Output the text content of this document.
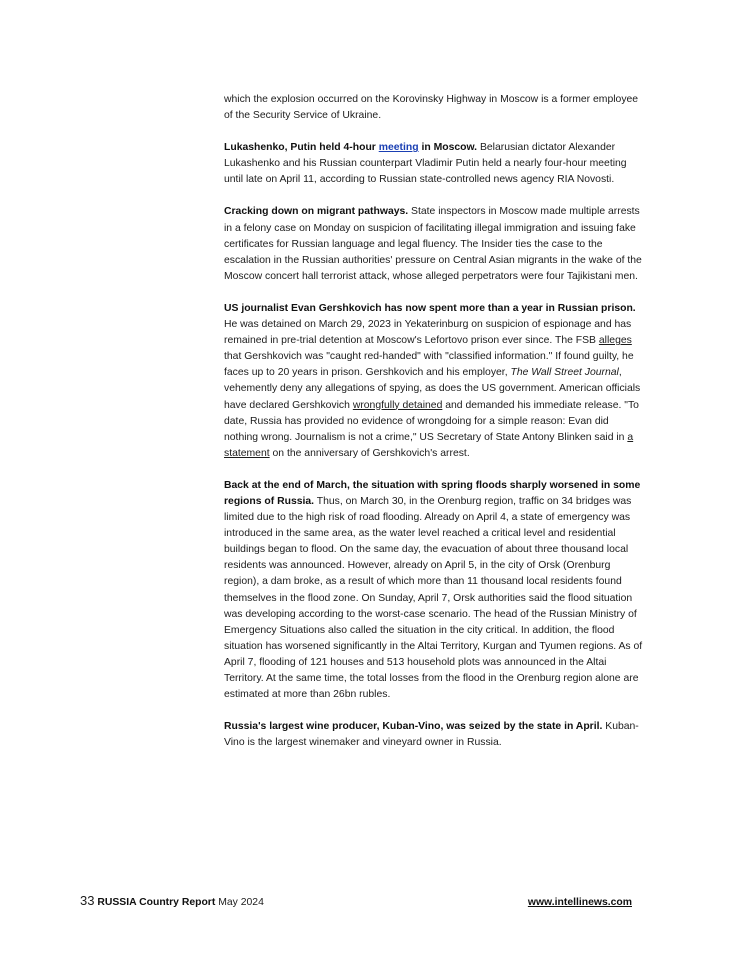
which the explosion occurred on the Korovinsky Highway in Moscow is a former employee of the Security Service of Ukraine.

Lukashenko, Putin held 4-hour meeting in Moscow. Belarusian dictator Alexander Lukashenko and his Russian counterpart Vladimir Putin held a nearly four-hour meeting until late on April 11, according to Russian state-controlled news agency RIA Novosti.

Cracking down on migrant pathways. State inspectors in Moscow made multiple arrests in a felony case on Monday on suspicion of facilitating illegal immigration and issuing fake certificates for Russian language and legal fluency. The Insider ties the case to the escalation in the Russian authorities' pressure on Central Asian migrants in the wake of the Moscow concert hall terrorist attack, whose alleged perpetrators were four Tajikistani men.

US journalist Evan Gershkovich has now spent more than a year in Russian prison. He was detained on March 29, 2023 in Yekaterinburg on suspicion of espionage and has remained in pre-trial detention at Moscow's Lefortovo prison ever since. The FSB alleges that Gershkovich was "caught red-handed" with "classified information." If found guilty, he faces up to 20 years in prison. Gershkovich and his employer, The Wall Street Journal, vehemently deny any allegations of spying, as does the US government. American officials have declared Gershkovich wrongfully detained and demanded his immediate release. "To date, Russia has provided no evidence of wrongdoing for a simple reason: Evan did nothing wrong. Journalism is not a crime," US Secretary of State Antony Blinken said in a statement on the anniversary of Gershkovich's arrest.

Back at the end of March, the situation with spring floods sharply worsened in some regions of Russia. Thus, on March 30, in the Orenburg region, traffic on 34 bridges was limited due to the high risk of road flooding. Already on April 4, a state of emergency was introduced in the same area, as the water level reached a critical level and residential buildings began to flood. On the same day, the evacuation of about three thousand local residents was announced. However, already on April 5, in the city of Orsk (Orenburg region), a dam broke, as a result of which more than 11 thousand local residents found themselves in the flood zone. On Sunday, April 7, Orsk authorities said the flood situation was developing according to the worst-case scenario. The head of the Russian Ministry of Emergency Situations also called the situation in the city critical. In addition, the flood situation has worsened significantly in the Altai Territory, Kurgan and Tyumen regions. As of April 7, flooding of 121 houses and 513 household plots was announced in the Altai Territory. At the same time, the total losses from the flood in the Orenburg region alone are estimated at more than 26bn rubles.

Russia's largest wine producer, Kuban-Vino, was seized by the state in April. Kuban-Vino is the largest winemaker and vineyard owner in Russia.

33 RUSSIA Country Report May 2024	www.intellinews.com
